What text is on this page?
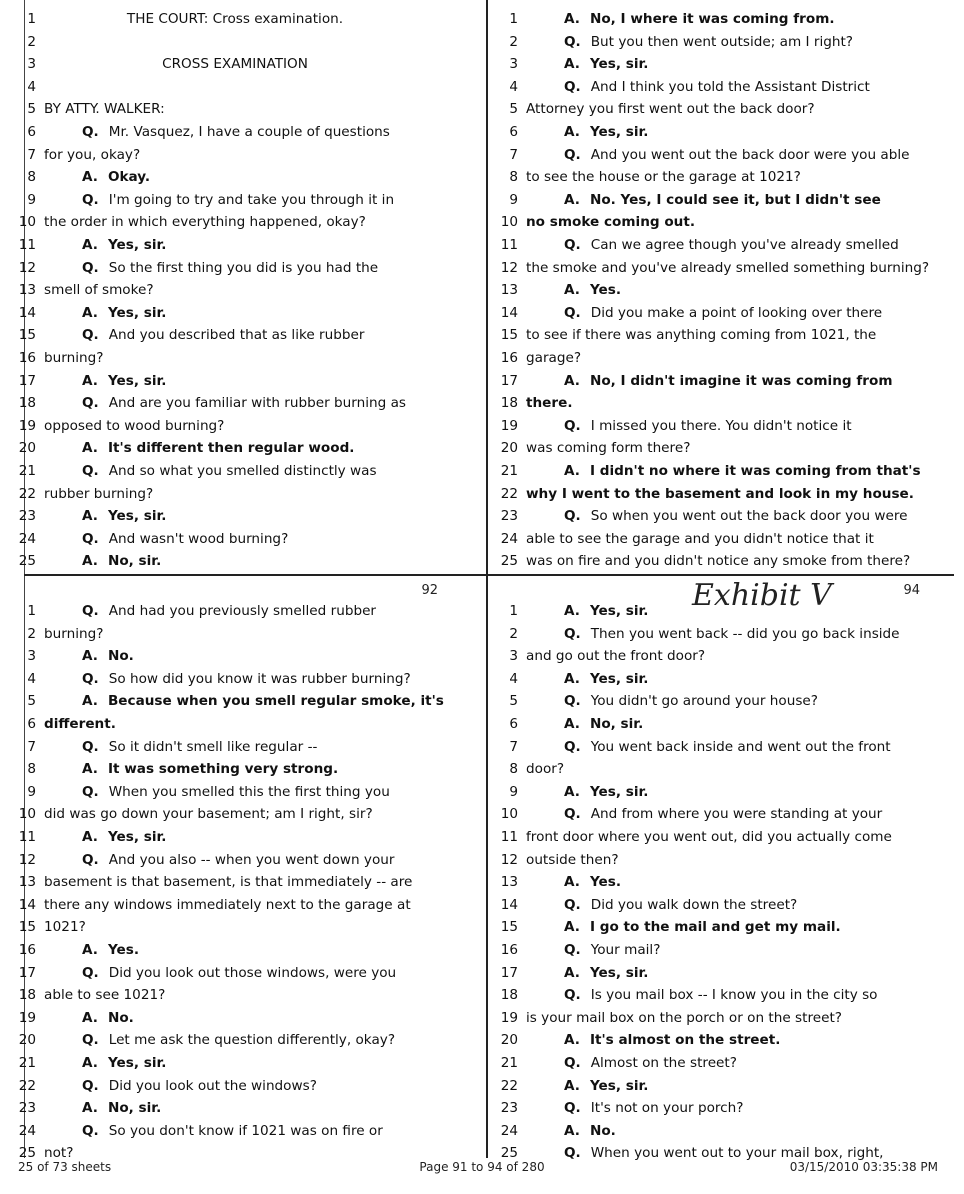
1	THE COURT: Cross examination.
2
3	CROSS EXAMINATION
4
5 BY ATTY. WALKER:
6	Q. Mr. Vasquez, I have a couple of questions
7 for you, okay?
8	A. Okay.
9	Q. I'm going to try and take you through it in
10 the order in which everything happened, okay?
11	A. Yes, sir.
12	Q. So the first thing you did is you had the
13 smell of smoke?
14	A. Yes, sir.
15	Q. And you described that as like rubber
16 burning?
17	A. Yes, sir.
18	Q. And are you familiar with rubber burning as
19 opposed to wood burning?
20	A. It's different then regular wood.
21	Q. And so what you smelled distinctly was
22 rubber burning?
23	A. Yes, sir.
24	Q. And wasn't wood burning?
25	A. No, sir.
1	A. No, I where it was coming from.
2	Q. But you then went outside; am I right?
3	A. Yes, sir.
4	Q. And I think you told the Assistant District
5 Attorney you first went out the back door?
6	A. Yes, sir.
7	Q. And you went out the back door were you able
8 to see the house or the garage at 1021?
9	A. No. Yes, I could see it, but I didn't see
10 no smoke coming out.
11	Q. Can we agree though you've already smelled
12 the smoke and you've already smelled something burning?
13	A. Yes.
14	Q. Did you make a point of looking over there
15 to see if there was anything coming from 1021, the
16 garage?
17	A. No, I didn't imagine it was coming from
18 there.
19	Q. I missed you there. You didn't notice it
20 was coming form there?
21	A. I didn't no where it was coming from that's
22 why I went to the basement and look in my house.
23	Q. So when you went out the back door you were
24 able to see the garage and you didn't notice that it
25 was on fire and you didn't notice any smoke from there?
92
1	Q. And had you previously smelled rubber
2 burning?
3	A. No.
4	Q. So how did you know it was rubber burning?
5	A. Because when you smell regular smoke, it's
6 different.
7	Q. So it didn't smell like regular --
8	A. It was something very strong.
9	Q. When you smelled this the first thing you
10 did was go down your basement; am I right, sir?
11	A. Yes, sir.
12	Q. And you also -- when you went down your
13 basement is that basement, is that immediately -- are
14 there any windows immediately next to the garage at
15 1021?
16	A. Yes.
17	Q. Did you look out those windows, were you
18 able to see 1021?
19	A. No.
20	Q. Let me ask the question differently, okay?
21	A. Yes, sir.
22	Q. Did you look out the windows?
23	A. No, sir.
24	Q. So you don't know if 1021 was on fire or
25 not?
94
1	A. Yes, sir.
2	Q. Then you went back -- did you go back inside
3 and go out the front door?
4	A. Yes, sir.
5	Q. You didn't go around your house?
6	A. No, sir.
7	Q. You went back inside and went out the front
8 door?
9	A. Yes, sir.
10	Q. And from where you were standing at your
11 front door where you went out, did you actually come
12 outside then?
13	A. Yes.
14	Q. Did you walk down the street?
15	A. I go to the mail and get my mail.
16	Q. Your mail?
17	A. Yes, sir.
18	Q. Is you mail box -- I know you in the city so
19 is your mail box on the porch or on the street?
20	A. It's almost on the street.
21	Q. Almost on the street?
22	A. Yes, sir.
23	Q. It's not on your porch?
24	A. No.
25	Q. When you went out to your mail box, right,
Exhibit V
25 of 73 sheets	Page 91 to 94 of 280	03/15/2010 03:35:38 PM
